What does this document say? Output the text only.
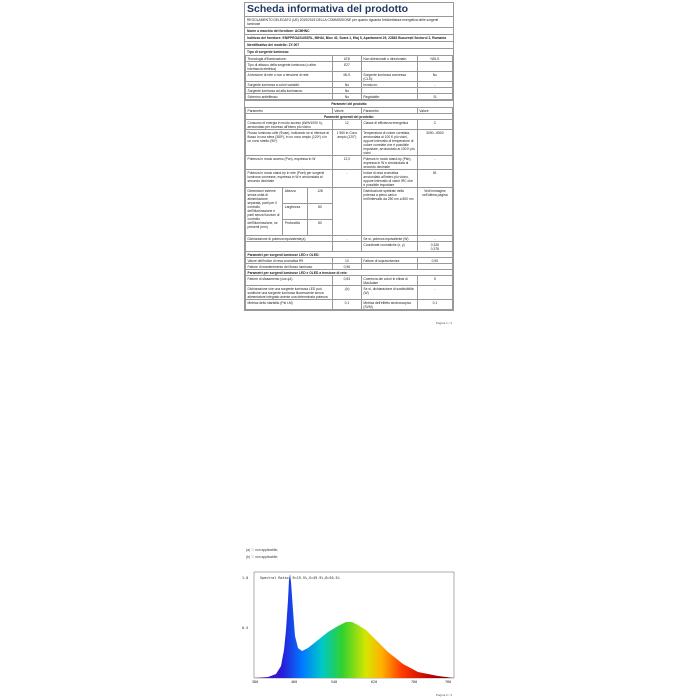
Scheda informativa del prodotto
REGOLAMENTO DELEGATO (UE) 2019/2015 DELLA COMMISSIONE per quanto riguarda l'etichettatura energetica delle sorgenti luminose
Nome o marchio del fornitore: ACMHNC
Indirizzo del fornitore: ENIFPEGASUSSRL, MIHAI, Bloc 42, Scara 1, Etaj 5, Apartament 29, 22882 București Sectorul 2, Romania
Identificativo del modello: ZY-007
Tipo di sorgente luminosa:
Tecnologia d'illuminazione:	LED	Non direzionale o direzionale:	NDLS
Tipo di attacco della sorgente luminosa (o altra interfaccia elettrica)	E27		
A tensione di rete o non a tensione di rete:	MLS	Sorgente luminosa connessa (CLS):	No
Sorgente luminosa a colori variabili:	No	Involucro:	-
Sorgente luminosa ad alta luminanza:	No		
Schermo antiriflesso:	No	Regolabile:	Sì
Parametri del prodotto
Parametro			Valore	Parametro	Valore
Parametri generali del prodotto:					
Consumo di energia in modo acceso (kWh/1000 h), arrotondato per eccesso all'intero più vicino			12	Classe di efficienza energetica	C
Flusso luminoso utile (Φuse), indicando se si riferisce al flusso in una sfera (360º), in un cono ampio (120º) o in un cono stretto (90º)			1 960 in Cono ampio (120°)	Temperatura di colore correlata, arrotondata ai 100 K più vicini, oppure intervallo di temperature di colore correlate che è possibile impostare, arrotondato ai 100 K più vicini	3000...6500
Potenza in modo acceso (Pon), espressa in W			12,0	Potenza in modo stand-by (Psb), espressa in W e arrotondata al secondo decimale	-
Potenza in modo stand-by in rete (Pnet) per sorgenti luminose connesse, espressa in W e arrotondata al secondo decimale			-	Indice di resa cromatica arrotondato all'intero più vicino, oppure intervallo di valori IRC che è possibile impostare	81
Dimensioni esterne senza unità di alimentazione separata, parti per il controllo dell'illuminazione e parti senza funzioni di controllo dell'illuminazione, se presenti (mm)	Altezza	128		Distribuzione spettrale della potenza a pieno carico nell'intervallo da 250 nm a 800 nm	Vedi immagine nell'ultima pagina
	Larghezza	80			
	Profondità	80			
Dichiarazione di potenza equivalente(a)			-	Se sì, potenza equivalente (W)	-
				Coordinate cromatiche (x, y)	0,326
0,378
Parametri per sorgenti luminose LED e OLED:					
Valore dell'indice di resa cromatica R9			10	Fattore di sopravvivenza	0,90
Fattore di mantenimento del flusso luminoso			0,96		
Parametri per sorgenti luminose LED e OLED a tensione di rete:					
Fattore di sfasamento (cos φ1)			0,53	Coerenza dei colori in ellissi di MacAdam	5
Dichiarazione che una sorgente luminosa LED può sostituire una sorgente luminosa fluorescente senza alimentatore integrato avente una determinata potenza			-(b)	Se sì, dichiarazione di sostituibilità (W)	-
Metrica dello sfarfallio (Pst LM)			0,1	Metrica dell'effetto stroboscopico (SVM)	0,1
Pagina 1 / 4
(a) '-': non applicabile;
(b) '-': non applicabile;
Spectral Ratio: R=19.5%,G=49.9%,B=30.5%
1.0
0.5
380	460	540	620	700	780
Pagina 2 / 4
